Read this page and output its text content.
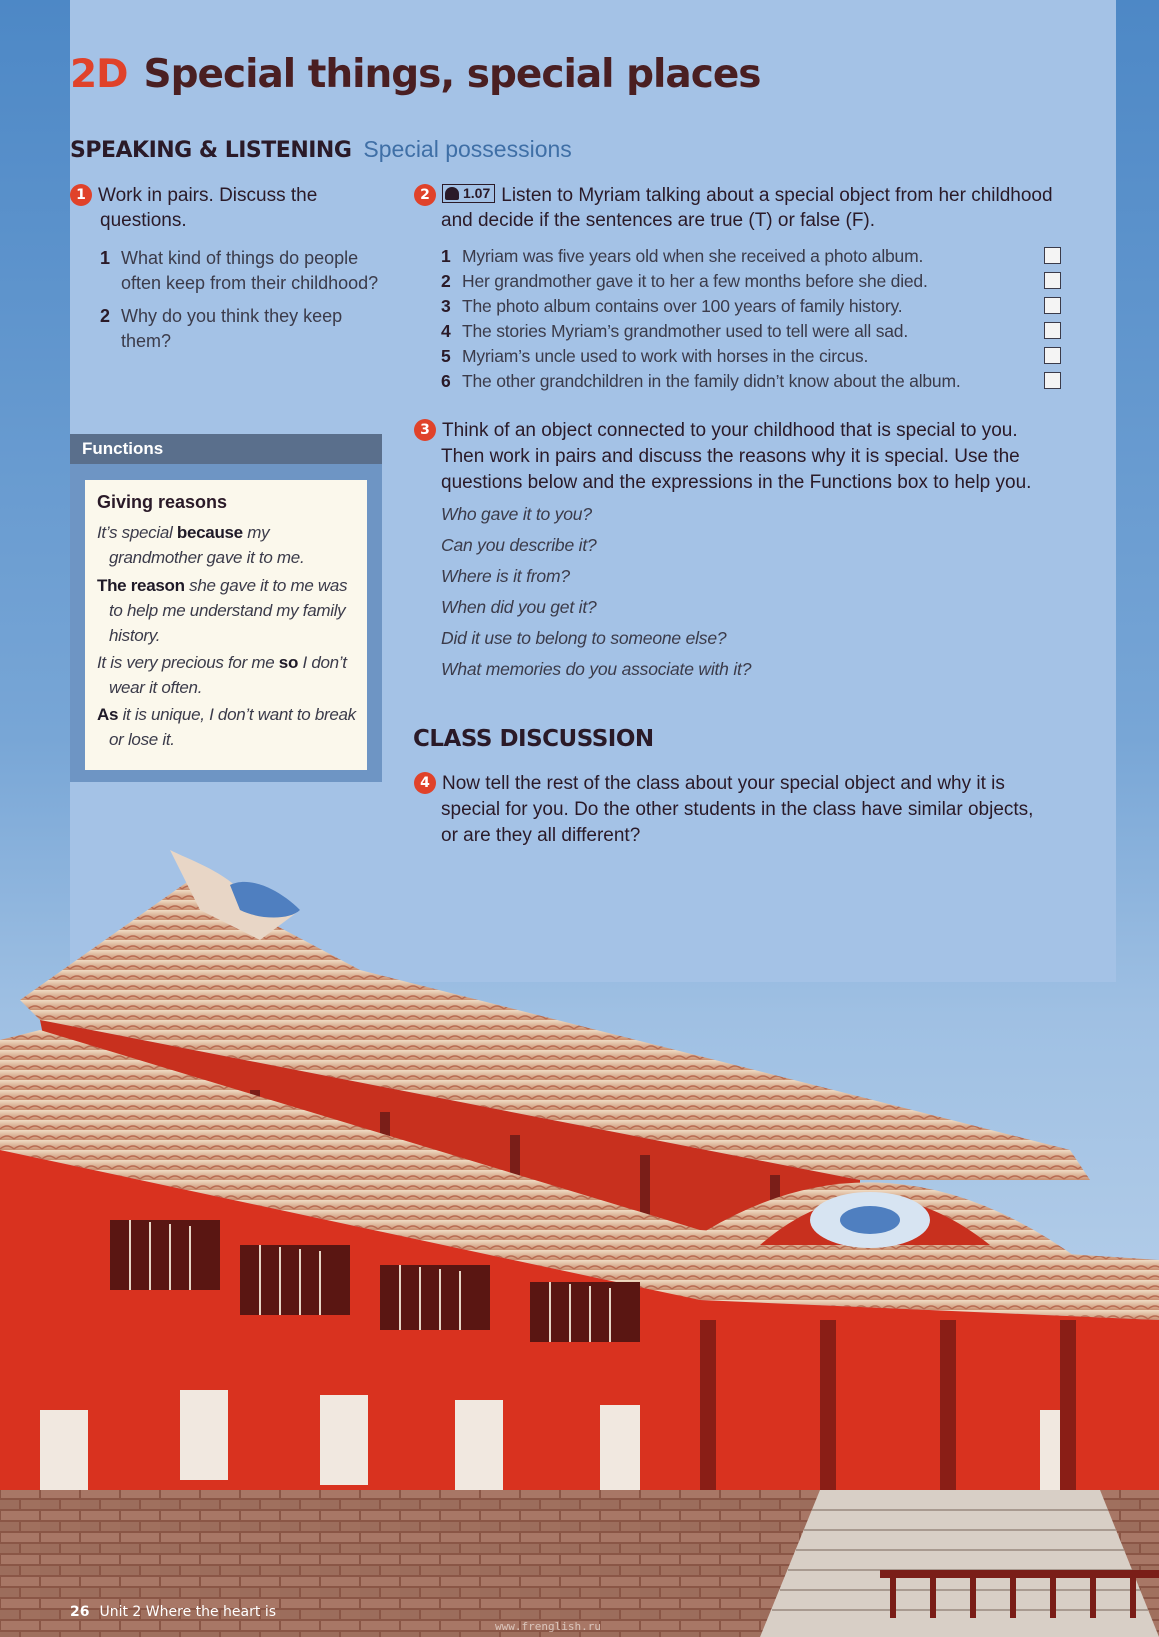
2D Special things, special places
SPEAKING & LISTENING Special possessions
1 Work in pairs. Discuss the questions.
1 What kind of things do people often keep from their childhood?
2 Why do you think they keep them?
Functions
Giving reasons
It’s special because my
grandmother gave it to me.
The reason she gave it to me was
to help me understand my family history.
It is very precious for me so I don’t
wear it often.
As it is unique, I don’t want to break
or lose it.
2 1.07 Listen to Myriam talking about a special object from her childhood and decide if the sentences are true (T) or false (F).
1 Myriam was five years old when she received a photo album.
2 Her grandmother gave it to her a few months before she died.
3 The photo album contains over 100 years of family history.
4 The stories Myriam’s grandmother used to tell were all sad.
5 Myriam’s uncle used to work with horses in the circus.
6 The other grandchildren in the family didn’t know about the album.
3 Think of an object connected to your childhood that is special to you. Then work in pairs and discuss the reasons why it is special. Use the questions below and the expressions in the Functions box to help you.
Who gave it to you?
Can you describe it?
Where is it from?
When did you get it?
Did it use to belong to someone else?
What memories do you associate with it?
CLASS DISCUSSION
4 Now tell the rest of the class about your special object and why it is special for you. Do the other students in the class have similar objects, or are they all different?
26 Unit 2 Where the heart is
www.frenglish.ru
